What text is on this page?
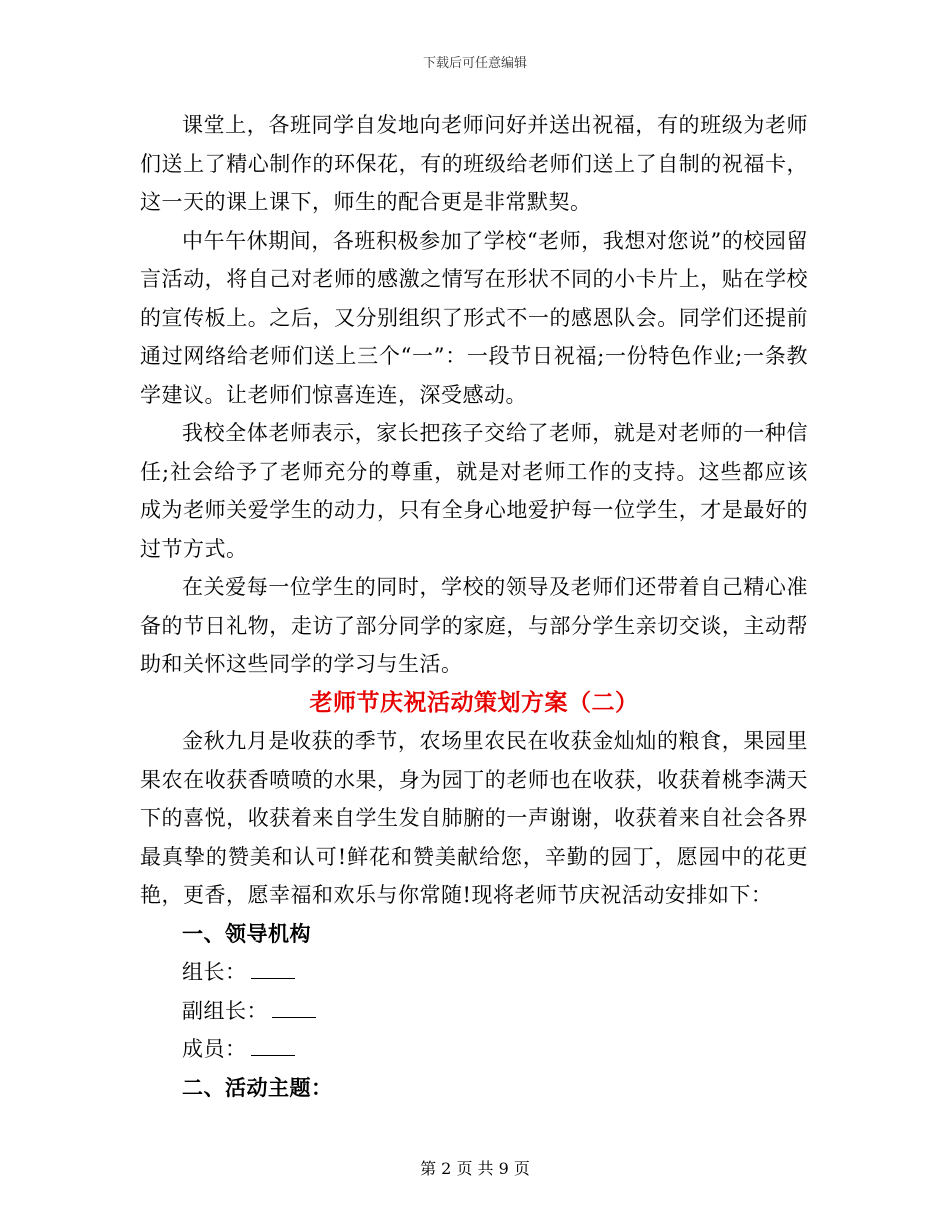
下载后可任意编辑

课堂上，各班同学自发地向老师问好并送出祝福，有的班级为老师们送上了精心制作的环保花，有的班级给老师们送上了自制的祝福卡，这一天的课上课下，师生的配合更是非常默契。

中午午休期间，各班积极参加了学校“老师，我想对您说”的校园留言活动，将自己对老师的感激之情写在形状不同的小卡片上，贴在学校的宣传板上。之后，又分别组织了形式不一的感恩队会。同学们还提前通过网络给老师们送上三个“一”：一段节日祝福;一份特色作业;一条教学建议。让老师们惊喜连连，深受感动。

我校全体老师表示，家长把孩子交给了老师，就是对老师的一种信任;社会给予了老师充分的尊重，就是对老师工作的支持。这些都应该成为老师关爱学生的动力，只有全身心地爱护每一位学生，才是最好的过节方式。

在关爱每一位学生的同时，学校的领导及老师们还带着自己精心准备的节日礼物，走访了部分同学的家庭，与部分学生亲切交谈，主动帮助和关怀这些同学的学习与生活。

老师节庆祝活动策划方案（二）

金秋九月是收获的季节，农场里农民在收获金灿灿的粮食，果园里果农在收获香喷喷的水果，身为园丁的老师也在收获，收获着桃李满天下的喜悦，收获着来自学生发自肺腑的一声谢谢，收获着来自社会各界最真挚的赞美和认可!鲜花和赞美献给您，辛勤的园丁，愿园中的花更艳，更香，愿幸福和欢乐与你常随!现将老师节庆祝活动安排如下：

一、领导机构

组长：

副组长：

成员：

二、活动主题：

第 2 页 共 9 页
